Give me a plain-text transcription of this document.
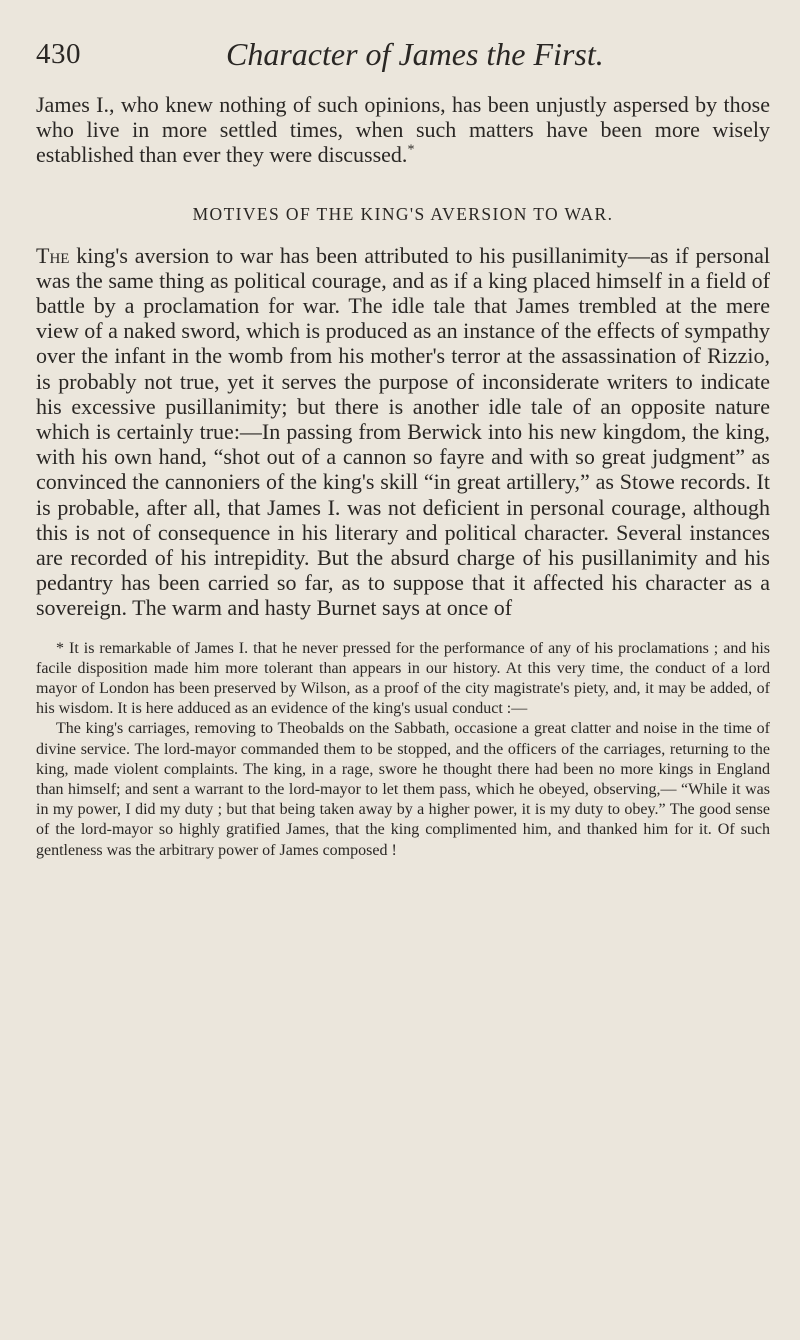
430	Character of James the First.

James I., who knew nothing of such opinions, has been unjustly aspersed by those who live in more settled times, when such matters have been more wisely established than ever they were discussed.*

MOTIVES OF THE KING'S AVERSION TO WAR.

The king's aversion to war has been attributed to his pusillanimity—as if personal was the same thing as political courage, and as if a king placed himself in a field of battle by a proclamation for war. The idle tale that James trembled at the mere view of a naked sword, which is produced as an instance of the effects of sympathy over the infant in the womb from his mother's terror at the assassination of Rizzio, is probably not true, yet it serves the purpose of inconsiderate writers to indicate his excessive pusillanimity; but there is another idle tale of an opposite nature which is certainly true:—In passing from Berwick into his new kingdom, the king, with his own hand, “shot out of a cannon so fayre and with so great judgment” as convinced the cannoniers of the king's skill “in great artillery,” as Stowe records. It is probable, after all, that James I. was not deficient in personal courage, although this is not of consequence in his literary and political character. Several instances are recorded of his intrepidity. But the absurd charge of his pusillanimity and his pedantry has been carried so far, as to suppose that it affected his character as a sovereign. The warm and hasty Burnet says at once of

* It is remarkable of James I. that he never pressed for the performance of any of his proclamations ; and his facile disposition made him more tolerant than appears in our history. At this very time, the conduct of a lord mayor of London has been preserved by Wilson, as a proof of the city magistrate's piety, and, it may be added, of his wisdom. It is here adduced as an evidence of the king's usual conduct :—

The king's carriages, removing to Theobalds on the Sabbath, occasione a great clatter and noise in the time of divine service. The lord-mayor commanded them to be stopped, and the officers of the carriages, returning to the king, made violent complaints. The king, in a rage, swore he thought there had been no more kings in England than himself; and sent a warrant to the lord-mayor to let them pass, which he obeyed, observing,— “While it was in my power, I did my duty ; but that being taken away by a higher power, it is my duty to obey.” The good sense of the lord-mayor so highly gratified James, that the king complimented him, and thanked him for it. Of such gentleness was the arbitrary power of James composed !
